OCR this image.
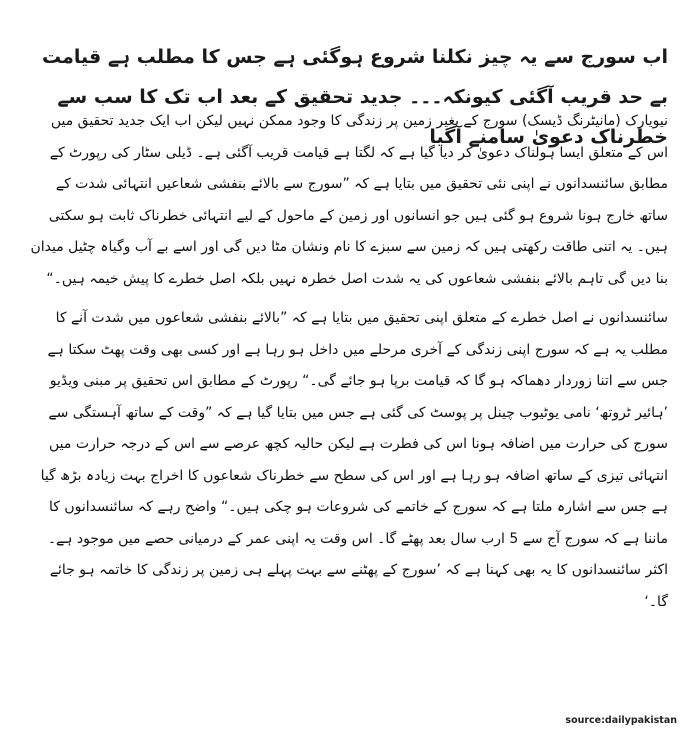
اب سورج سے یہ چیز نکلنا شروع ہوگئی ہے جس کا مطلب ہے قیامت بے حد قریب آگئی کیونکہ۔۔۔ جدید تحقیق کے بعد اب تک کا سب سے خطرناک دعویٰ سامنے آگیا

نیویارک (مانیٹرنگ ڈیسک) سورج کے بغیر زمین پر زندگی کا وجود ممکن نہیں لیکن اب ایک جدید تحقیق میں اس کے متعلق ایسا ہولناک دعویٰ کر دیا گیا ہے کہ لگتا ہے قیامت قریب آگئی ہے۔ ڈیلی سٹار کی رپورٹ کے مطابق سائنسدانوں نے اپنی نئی تحقیق میں بتایا ہے کہ ”سورج سے بالائے بنفشی شعاعیں انتہائی شدت کے ساتھ خارج ہونا شروع ہو گئی ہیں جو انسانوں اور زمین کے ماحول کے لیے انتہائی خطرناک ثابت ہو سکتی ہیں۔ یہ اتنی طاقت رکھتی ہیں کہ زمین سے سبزے کا نام ونشان مٹا دیں گی اور اسے بے آب وگیاہ چٹیل میدان بنا دیں گی تاہم بالائے بنفشی شعاعوں کی یہ شدت اصل خطرہ نہیں بلکہ اصل خطرے کا پیش خیمہ ہیں۔“

سائنسدانوں نے اصل خطرے کے متعلق اپنی تحقیق میں بتایا ہے کہ ”بالائے بنفشی شعاعوں میں شدت آنے کا مطلب یہ ہے کہ سورج اپنی زندگی کے آخری مرحلے میں داخل ہو رہا ہے اور کسی بھی وقت پھٹ سکتا ہے جس سے اتنا زوردار دھماکہ ہو گا کہ قیامت برپا ہو جائے گی۔“ رپورٹ کے مطابق اس تحقیق پر مبنی ویڈیو ’ہائیر ٹروتھ‘ نامی یوٹیوب چینل پر پوسٹ کی گئی ہے جس میں بتایا گیا ہے کہ ”وقت کے ساتھ آہستگی سے سورج کی حرارت میں اضافہ ہونا اس کی فطرت ہے لیکن حالیہ کچھ عرصے سے اس کے درجہ حرارت میں انتہائی تیزی کے ساتھ اضافہ ہو رہا ہے اور اس کی سطح سے خطرناک شعاعوں کا اخراج بہت زیادہ بڑھ گیا ہے جس سے اشارہ ملتا ہے کہ سورج کے خاتمے کی شروعات ہو چکی ہیں۔“ واضح رہے کہ سائنسدانوں کا ماننا ہے کہ سورج آج سے 5 ارب سال بعد پھٹے گا۔ اس وقت یہ اپنی عمر کے درمیانی حصے میں موجود ہے۔ اکثر سائنسدانوں کا یہ بھی کہنا ہے کہ ’سورج کے پھٹنے سے بہت پہلے ہی زمین پر زندگی کا خاتمہ ہو جائے گا۔‘

source:dailypakistan
